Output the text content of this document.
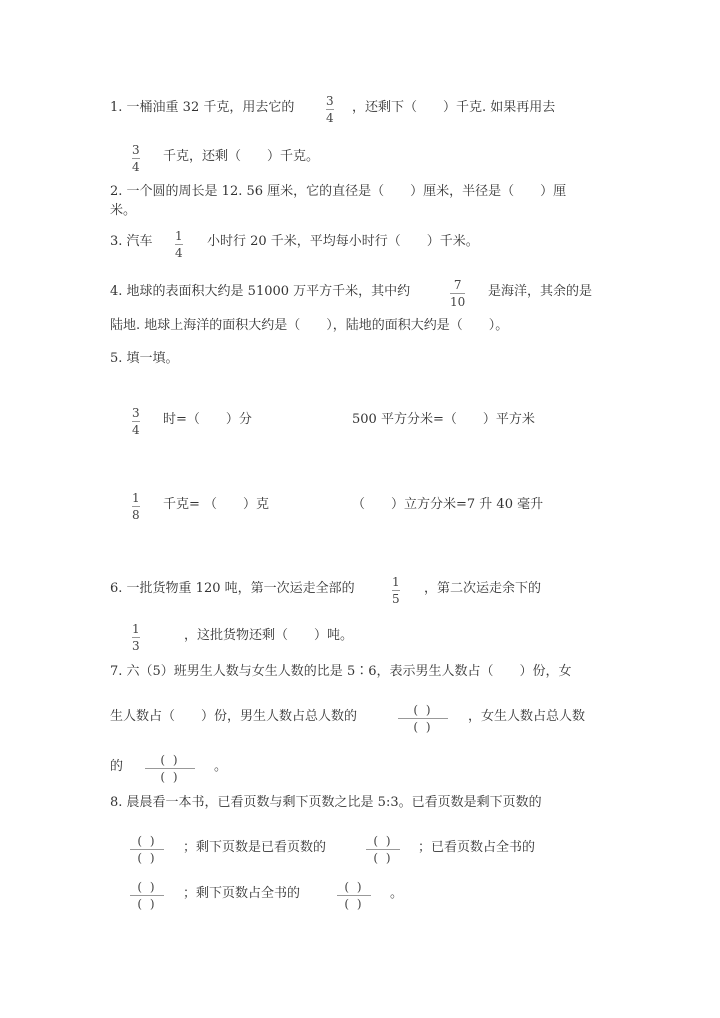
1. 一桶油重 32 千克，用去它的	3
4
，还剩下（　　）千克. 如果再用去
3
4
千克，还剩（　　）千克。
2. 一个圆的周长是 12. 56 厘米，它的直径是（　　）厘米，半径是（　　）厘
米。
3. 汽车 1
4
小时行 20 千米，平均每小时行（　　）千米。
4. 地球的表面积大约是 51000 万平方千米，其中约	7
10
是海洋，其余的是
陆地. 地球上海洋的面积大约是（　　），陆地的面积大约是（　　）。
5. 填一填。
3
4
时=（　　）分	500 平方分米=（　　）平方米
1
8
千克= （　　）克	（　　）立方分米=7 升 40 毫升
6. 一批货物重 120 吨，第一次运走全部的	1
5
，第二次运走余下的
1
3
，这批货物还剩（　　）吨。
7. 六（5）班男生人数与女生人数的比是 5∶6，表示男生人数占（　　）份，女
生人数占（　　）份，男生人数占总人数的	( )
( )
，女生人数占总人数
的	( )
( )
。
8. 晨晨看一本书，已看页数与剩下页数之比是 5:3。已看页数是剩下页数的
( )
( )
；剩下页数是已看页数的	( )
( )
；已看页数占全书的
( )
( )
；剩下页数占全书的	( )
( )
。
